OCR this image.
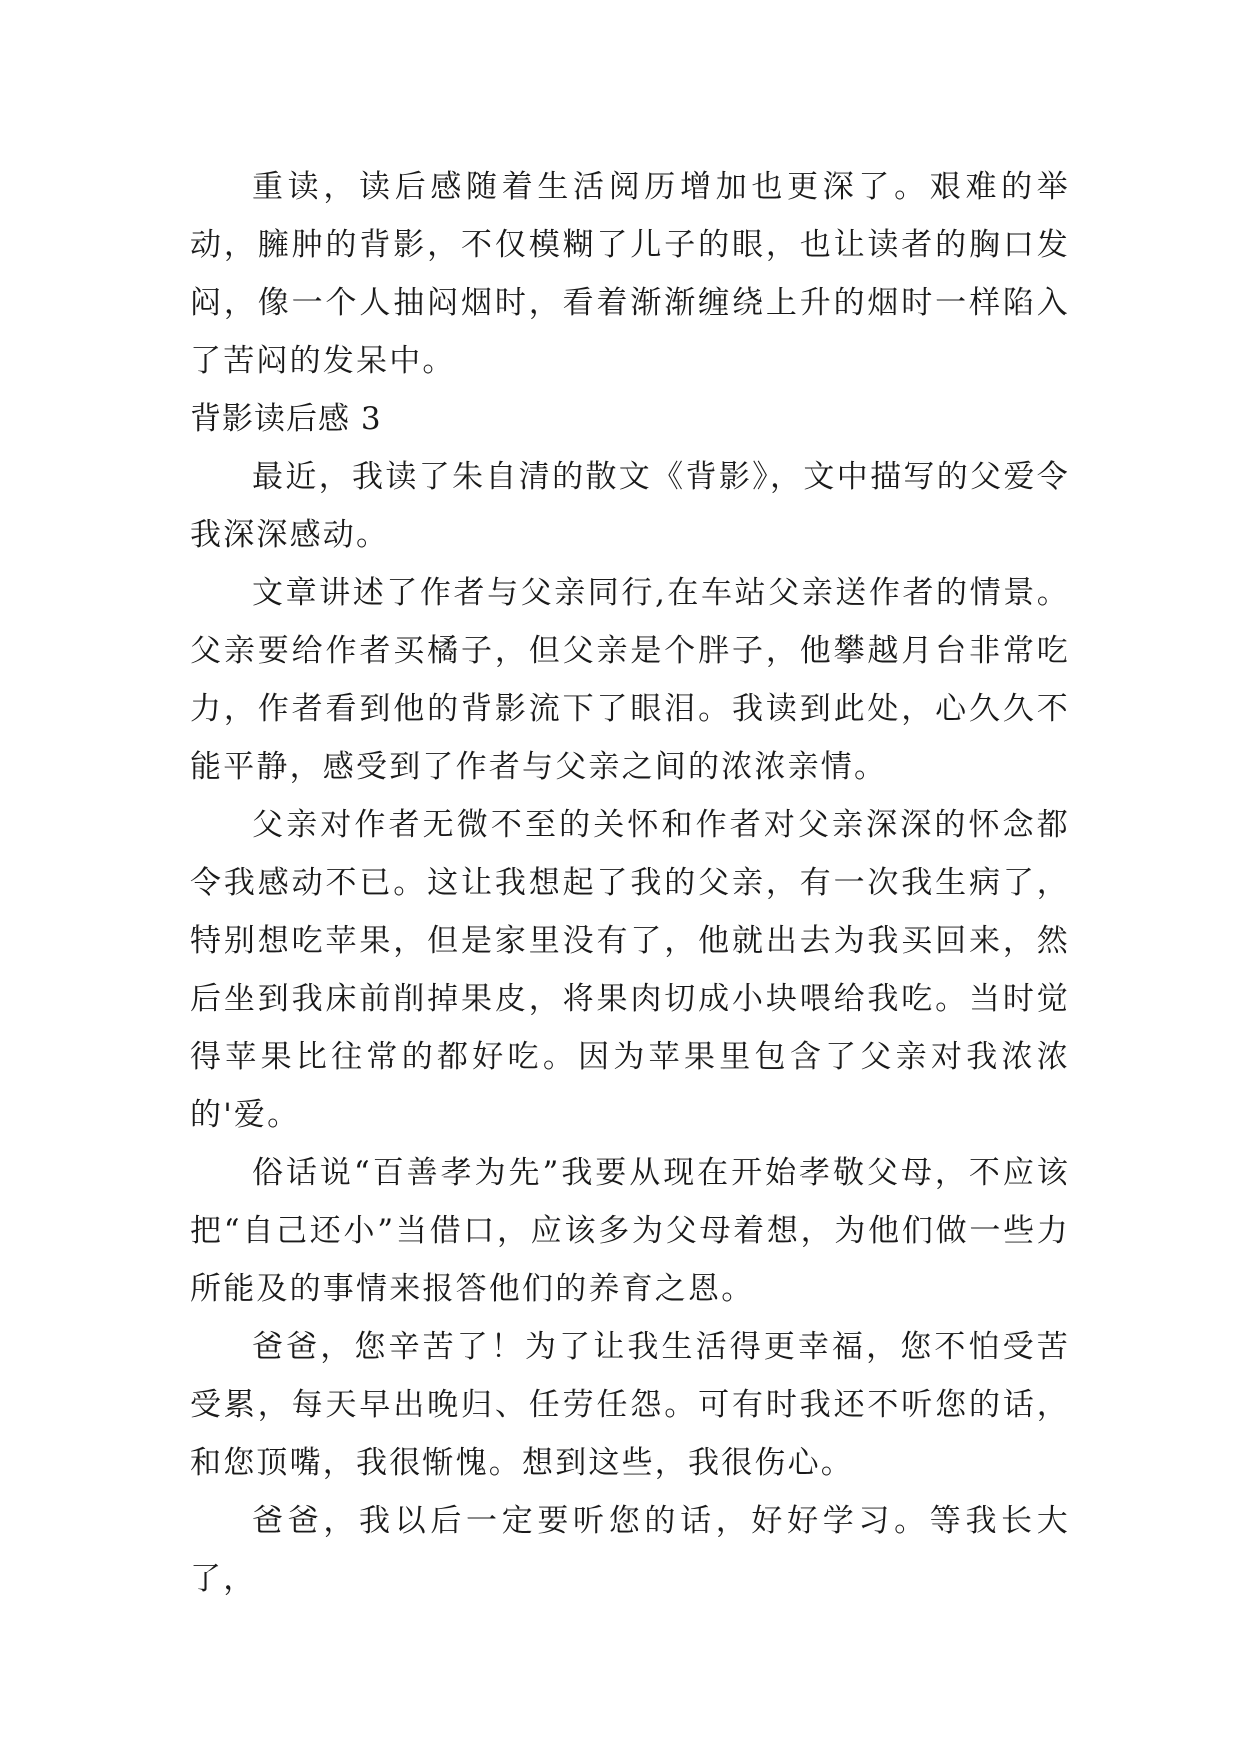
重读，读后感随着生活阅历增加也更深了。艰难的举动，臃肿的背影，不仅模糊了儿子的眼，也让读者的胸口发闷，像一个人抽闷烟时，看着渐渐缠绕上升的烟时一样陷入了苦闷的发呆中。

背影读后感 3

最近，我读了朱自清的散文《背影》，文中描写的父爱令我深深感动。

文章讲述了作者与父亲同行,在车站父亲送作者的情景。父亲要给作者买橘子，但父亲是个胖子，他攀越月台非常吃力，作者看到他的背影流下了眼泪。我读到此处，心久久不能平静，感受到了作者与父亲之间的浓浓亲情。

父亲对作者无微不至的关怀和作者对父亲深深的怀念都令我感动不已。这让我想起了我的父亲，有一次我生病了，特别想吃苹果，但是家里没有了，他就出去为我买回来，然后坐到我床前削掉果皮，将果肉切成小块喂给我吃。当时觉得苹果比往常的都好吃。因为苹果里包含了父亲对我浓浓的'爱。

俗话说“百善孝为先”我要从现在开始孝敬父母，不应该把“自己还小”当借口，应该多为父母着想，为他们做一些力所能及的事情来报答他们的养育之恩。

爸爸，您辛苦了！为了让我生活得更幸福，您不怕受苦受累，每天早出晚归、任劳任怨。可有时我还不听您的话，和您顶嘴，我很惭愧。想到这些，我很伤心。

爸爸，我以后一定要听您的话，好好学习。等我长大了，
